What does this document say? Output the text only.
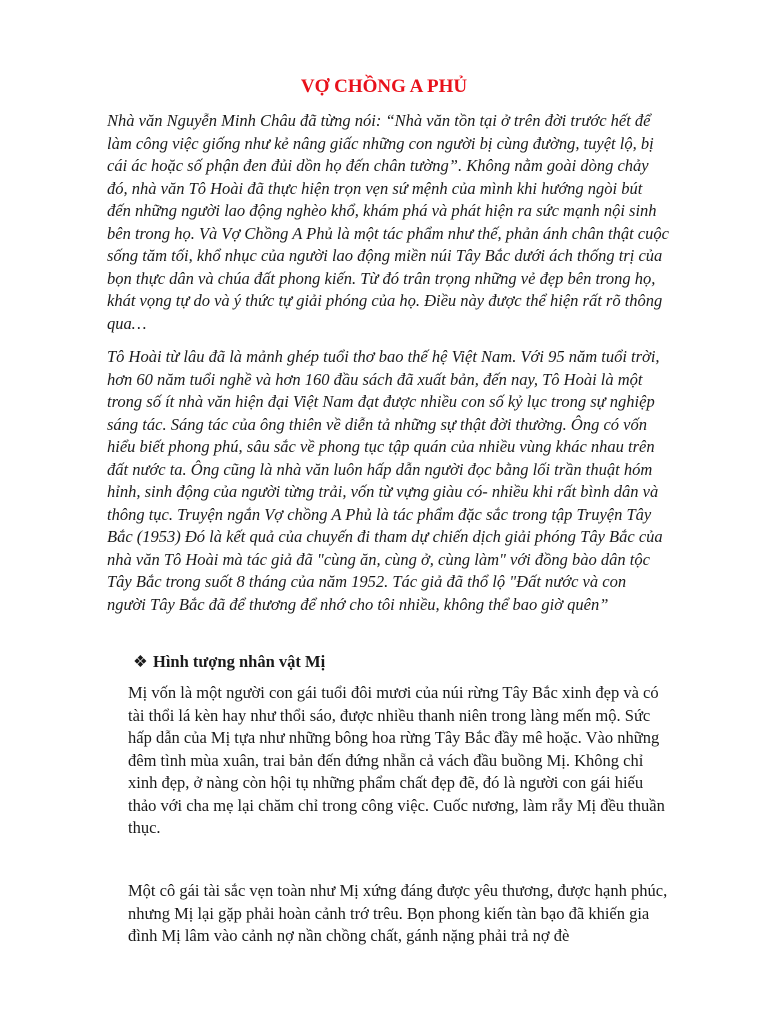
VỢ CHỒNG A PHỦ

Nhà văn Nguyễn Minh Châu đã từng nói: “Nhà văn tồn tại ở trên đời trước hết để làm công việc giống như kẻ nâng giấc những con người bị cùng đường, tuyệt lộ, bị cái ác hoặc số phận đen đủi dồn họ đến chân tường”. Không nằm goài dòng chảy đó, nhà văn Tô Hoài đã thực hiện trọn vẹn sứ mệnh của mình khi hướng ngòi bút đến những người lao động nghèo khổ, khám phá và phát hiện ra sức mạnh nội sinh bên trong họ. Và Vợ Chồng A Phủ là một tác phẩm như thế, phản ánh chân thật cuộc sống tăm tối, khổ nhục của người lao động miền núi Tây Bắc dưới ách thống trị của bọn thực dân và chúa đất phong kiến. Từ đó trân trọng những vẻ đẹp bên trong họ, khát vọng tự do và ý thức tự giải phóng của họ. Điều này được thể hiện rất rõ thông qua…

Tô Hoài từ lâu đã là mảnh ghép tuổi thơ bao thế hệ Việt Nam. Với 95 năm tuổi trời, hơn 60 năm tuổi nghề và hơn 160 đầu sách đã xuất bản, đến nay, Tô Hoài là một trong số ít nhà văn hiện đại Việt Nam đạt được nhiều con số kỷ lục trong sự nghiệp sáng tác. Sáng tác của ông thiên về diễn tả những sự thật đời thường. Ông có vốn hiểu biết phong phú, sâu sắc về phong tục tập quán của nhiều vùng khác nhau trên đất nước ta. Ông cũng là nhà văn luôn hấp dẫn người đọc bằng lối trần thuật hóm hỉnh, sinh động của người từng trải, vốn từ vựng giàu có- nhiều khi rất bình dân và thông tục. Truyện ngắn Vợ chồng A Phủ là tác phẩm đặc sắc trong tập Truyện Tây Bắc (1953) Đó là kết quả của chuyến đi tham dự chiến dịch giải phóng Tây Bắc của nhà văn Tô Hoài mà tác giả đã "cùng ăn, cùng ở, cùng làm" với đồng bào dân tộc Tây Bắc trong suốt 8 tháng của năm 1952. Tác giả đã thổ lộ "Đất nước và con người Tây Bắc đã để thương để nhớ cho tôi nhiều, không thể bao giờ quên”

❖ Hình tượng nhân vật Mị

Mị vốn là một người con gái tuổi đôi mươi của núi rừng Tây Bắc xinh đẹp và có tài thổi lá kèn hay như thổi sáo, được nhiều thanh niên trong làng mến mộ. Sức hấp dẫn của Mị tựa như những bông hoa rừng Tây Bắc đầy mê hoặc. Vào những đêm tình mùa xuân, trai bản đến đứng nhẵn cả vách đầu buồng Mị. Không chỉ xinh đẹp, ở nàng còn hội tụ những phẩm chất đẹp đẽ, đó là người con gái hiếu thảo với cha mẹ lại chăm chỉ trong công việc. Cuốc nương, làm rẫy Mị đều thuần thục.

Một cô gái tài sắc vẹn toàn như Mị xứng đáng được yêu thương, được hạnh phúc, nhưng Mị lại gặp phải hoàn cảnh trớ trêu. Bọn phong kiến tàn bạo đã khiến gia đình Mị lâm vào cảnh nợ nần chồng chất, gánh nặng phải trả nợ đè
